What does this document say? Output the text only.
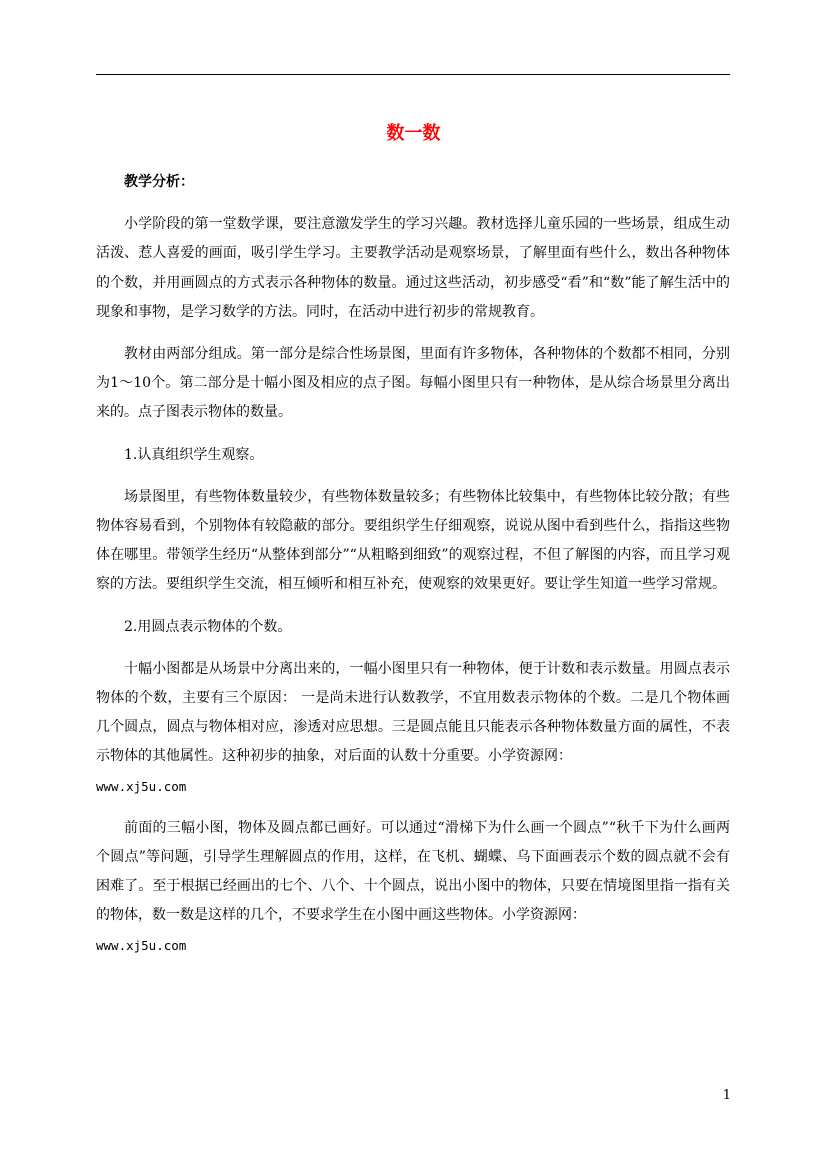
数一数

教学分析：

小学阶段的第一堂数学课，要注意激发学生的学习兴趣。教材选择儿童乐园的一些场景，组成生动活泼、惹人喜爱的画面，吸引学生学习。主要教学活动是观察场景，了解里面有些什么，数出各种物体的个数，并用画圆点的方式表示各种物体的数量。通过这些活动，初步感受“看”和“数”能了解生活中的现象和事物，是学习数学的方法。同时，在活动中进行初步的常规教育。

教材由两部分组成。第一部分是综合性场景图，里面有许多物体，各种物体的个数都不相同，分别为1～10个。第二部分是十幅小图及相应的点子图。每幅小图里只有一种物体，是从综合场景里分离出来的。点子图表示物体的数量。

1.认真组织学生观察。

场景图里，有些物体数量较少，有些物体数量较多；有些物体比较集中，有些物体比较分散；有些物体容易看到，个别物体有较隐蔽的部分。要组织学生仔细观察，说说从图中看到些什么，指指这些物体在哪里。带领学生经历“从整体到部分”“从粗略到细致”的观察过程，不但了解图的内容，而且学习观察的方法。要组织学生交流，相互倾听和相互补充，使观察的效果更好。要让学生知道一些学习常规。

2.用圆点表示物体的个数。

十幅小图都是从场景中分离出来的，一幅小图里只有一种物体，便于计数和表示数量。用圆点表示物体的个数，主要有三个原因： 一是尚未进行认数教学，不宜用数表示物体的个数。二是几个物体画几个圆点，圆点与物体相对应，渗透对应思想。三是圆点能且只能表示各种物体数量方面的属性，不表示物体的其他属性。这种初步的抽象，对后面的认数十分重要。小学资源网：

www.xj5u.com

前面的三幅小图，物体及圆点都已画好。可以通过“滑梯下为什么画一个圆点”“秋千下为什么画两个圆点”等问题，引导学生理解圆点的作用，这样，在飞机、蝴蝶、乌下面画表示个数的圆点就不会有困难了。至于根据已经画出的七个、八个、十个圆点，说出小图中的物体，只要在情境图里指一指有关的物体，数一数是这样的几个，不要求学生在小图中画这些物体。小学资源网：

www.xj5u.com

1
